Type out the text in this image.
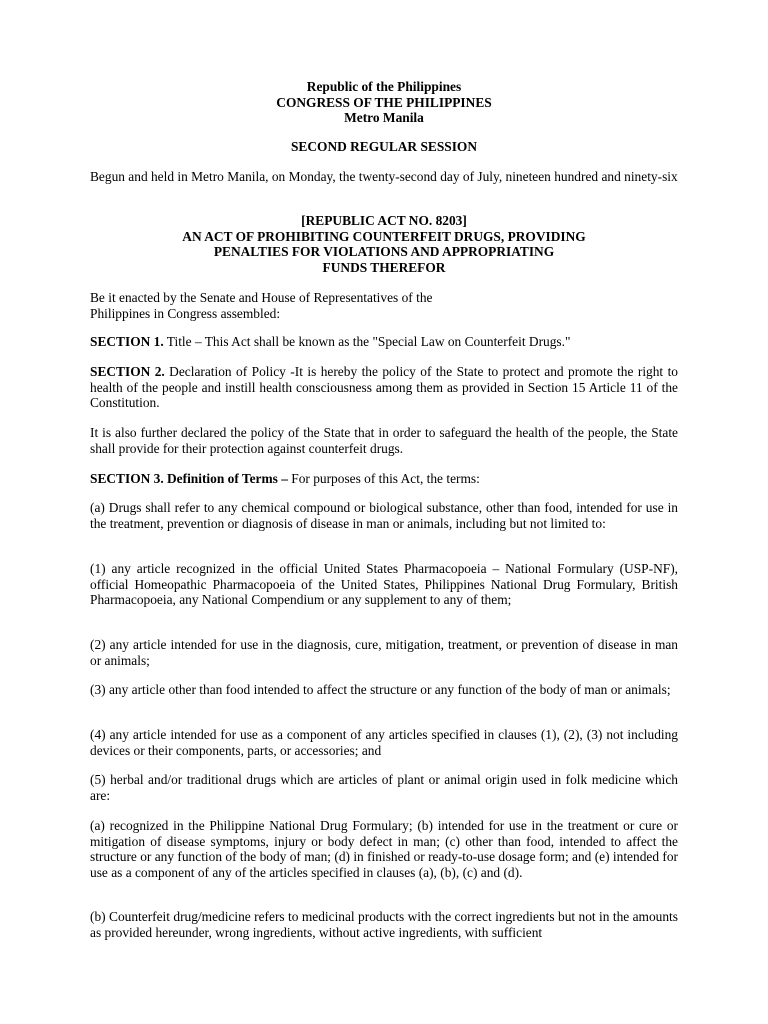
Republic of the Philippines
CONGRESS OF THE PHILIPPINES
Metro Manila
SECOND REGULAR SESSION

Begun and held in Metro Manila, on Monday, the twenty-second day of July, nineteen hundred and ninety-six

[REPUBLIC ACT NO. 8203]
AN ACT OF PROHIBITING COUNTERFEIT DRUGS, PROVIDING
PENALTIES FOR VIOLATIONS AND APPROPRIATING
FUNDS THEREFOR
Be it enacted by the Senate and House of Representatives of the
Philippines in Congress assembled:

SECTION 1. Title – This Act shall be known as the "Special Law on Counterfeit Drugs."

SECTION 2. Declaration of Policy -It is hereby the policy of the State to protect and promote the right to health of the people and instill health consciousness among them as provided in Section 15 Article 11 of the Constitution.

It is also further declared the policy of the State that in order to safeguard the health of the people, the State shall provide for their protection against counterfeit drugs.

SECTION 3. Definition of Terms – For purposes of this Act, the terms:

(a) Drugs shall refer to any chemical compound or biological substance, other than food, intended for use in the treatment, prevention or diagnosis of disease in man or animals, including but not limited to:

(1) any article recognized in the official United States Pharmacopoeia – National Formulary (USP-NF), official Homeopathic Pharmacopoeia of the United States, Philippines National Drug Formulary, British Pharmacopoeia, any National Compendium or any supplement to any of them;

(2) any article intended for use in the diagnosis, cure, mitigation, treatment, or prevention of disease in man or animals;

(3) any article other than food intended to affect the structure or any function of the body of man or animals;

(4) any article intended for use as a component of any articles specified in clauses (1), (2), (3) not including devices or their components, parts, or accessories; and

(5) herbal and/or traditional drugs which are articles of plant or animal origin used in folk medicine which are:

(a) recognized in the Philippine National Drug Formulary; (b) intended for use in the treatment or cure or mitigation of disease symptoms, injury or body defect in man; (c) other than food, intended to affect the structure or any function of the body of man; (d) in finished or ready-to-use dosage form; and (e) intended for use as a component of any of the articles specified in clauses (a), (b), (c) and (d).

(b) Counterfeit drug/medicine refers to medicinal products with the correct ingredients but not in the amounts as provided hereunder, wrong ingredients, without active ingredients, with sufficient
